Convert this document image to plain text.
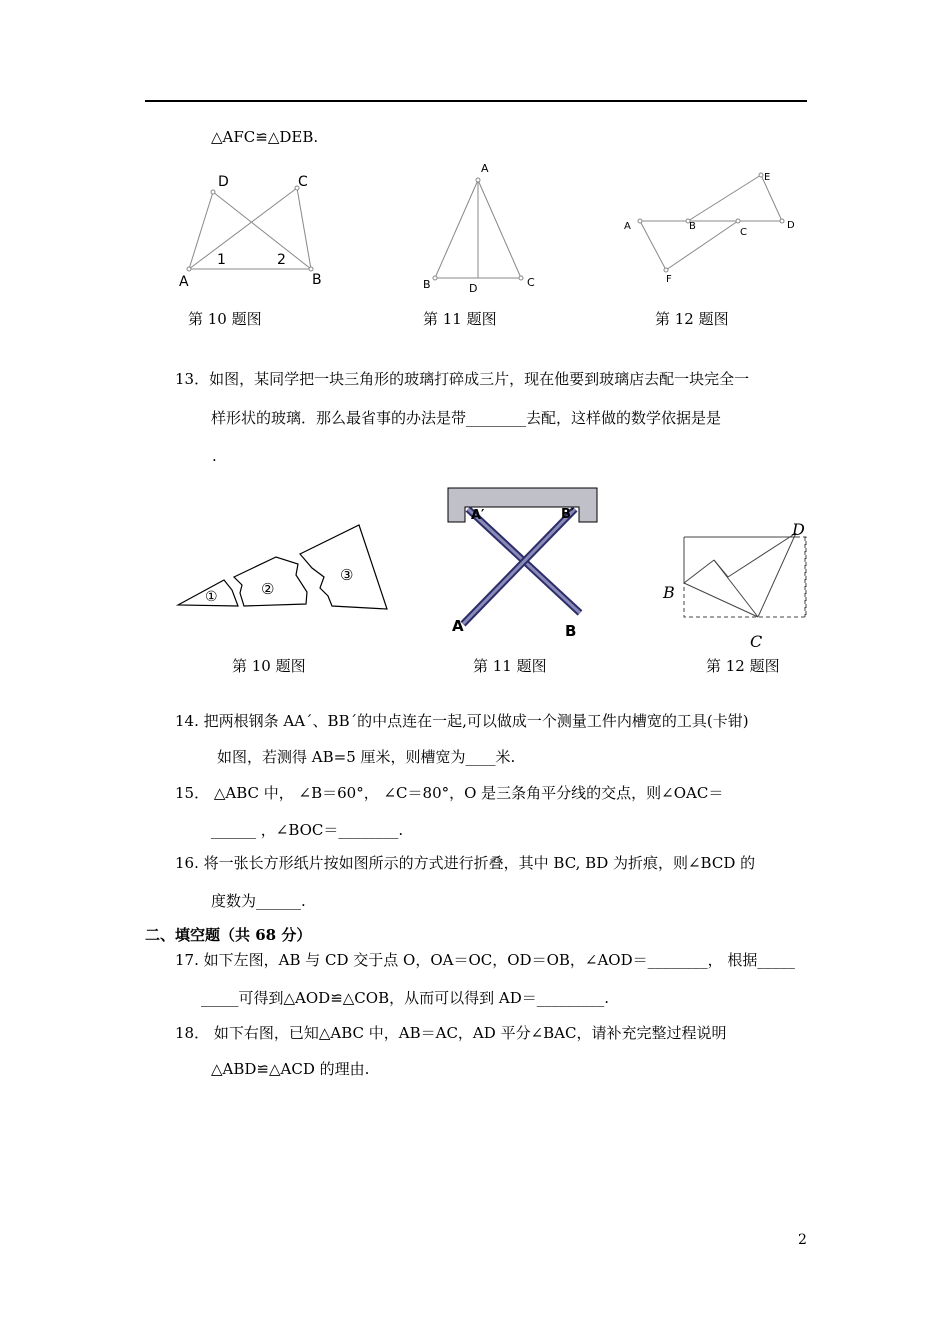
△AFC≌△DEB.
D	C
A	B
1	2
第 10 题图
A
B	D	C
第 11 题图
E
A	B
C
D
F
第 12 题图
13．如图，某同学把一块三角形的玻璃打碎成三片，现在他要到玻璃店去配一块完全一
样形状的玻璃．那么最省事的办法是带________去配，这样做的数学依据是是
.
①	②
③
第 10 题图
A′	B′
A	B
第 11 题图
D
B
C
第 12 题图
14. 把两根钢条 AA´、BB´的中点连在一起,可以做成一个测量工件内槽宽的工具(卡钳)
如图，若测得 AB=5 厘米，则槽宽为____米.
15． △ABC 中， ∠B＝60°， ∠C＝80°，O 是三条角平分线的交点，则∠OAC＝
______ ，∠BOC＝________.
16. 将一张长方形纸片按如图所示的方式进行折叠，其中 BC, BD 为折痕，则∠BCD 的
度数为______.
二、填空题（共 68 分）
17. 如下左图，AB 与 CD 交于点 O，OA＝OC，OD＝OB，∠AOD＝________， 根据_____
_____可得到△AOD≌△COB，从而可以得到 AD＝_________.
18． 如下右图，已知△ABC 中，AB＝AC，AD 平分∠BAC，请补充完整过程说明
△ABD≌△ACD 的理由.
2
